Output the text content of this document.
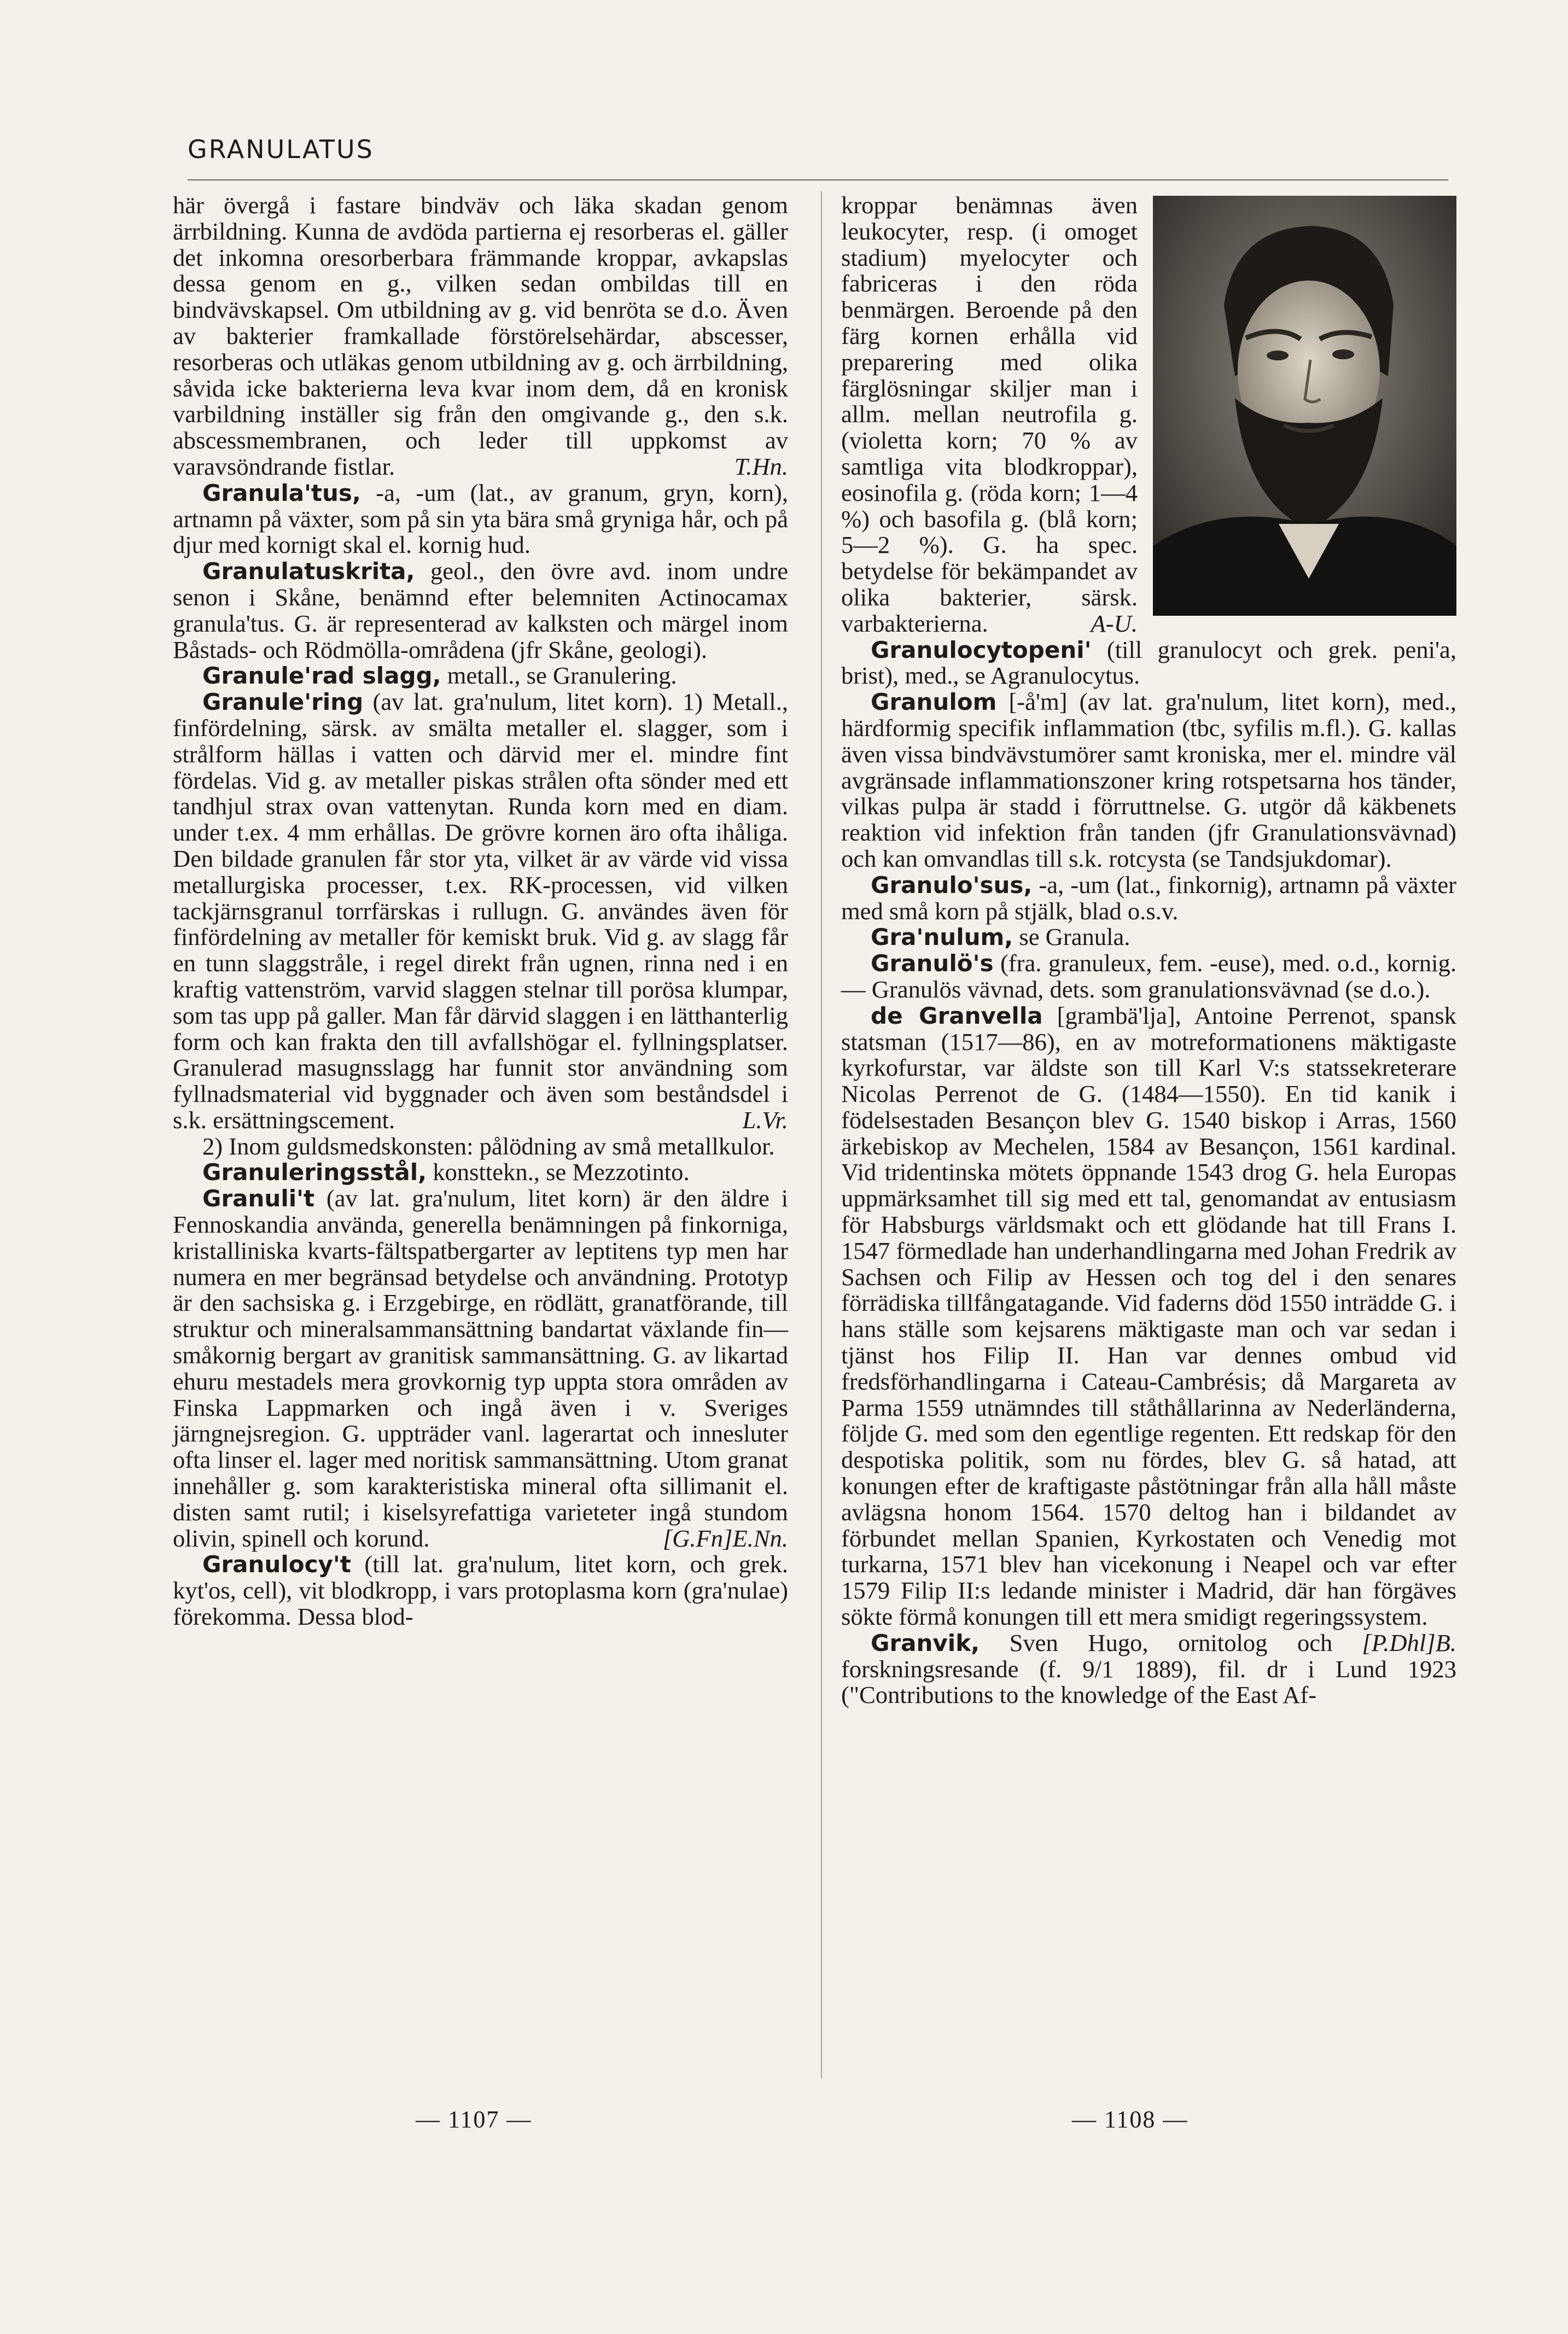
GRANULATUS

här övergå i fastare bindväv och läka skadan genom ärrbildning. Kunna de avdöda partierna ej resorberas el. gäller det inkomna oresorberbara främmande kroppar, avkapslas dessa genom en g., vilken sedan ombildas till en bindvävskapsel. Om utbildning av g. vid benröta se d.o. Även av bakterier framkallade förstörelsehärdar, abscesser, resorberas och utläkas genom utbildning av g. och ärrbildning, såvida icke bakterierna leva kvar inom dem, då en kronisk varbildning inställer sig från den omgivande g., den s.k. abscessmembranen, och leder till uppkomst av varavsöndrande fistlar.	T.Hn.

Granula'tus, -a, -um (lat., av granum, gryn, korn), artnamn på växter, som på sin yta bära små gryniga hår, och på djur med kornigt skal el. kornig hud.

Granulatuskrita, geol., den övre avd. inom undre senon i Skåne, benämnd efter belemniten Actinocamax granula'tus. G. är representerad av kalksten och märgel inom Båstads- och Rödmölla-områdena (jfr Skåne, geologi).

Granule'rad slagg, metall., se Granulering.

Granule'ring (av lat. gra'nulum, litet korn). 1) Metall., finfördelning, särsk. av smälta metaller el. slagger, som i strålform hällas i vatten och därvid mer el. mindre fint fördelas. Vid g. av metaller piskas strålen ofta sönder med ett tandhjul strax ovan vattenytan. Runda korn med en diam. under t.ex. 4 mm erhållas. De grövre kornen äro ofta ihåliga. Den bildade granulen får stor yta, vilket är av värde vid vissa metallurgiska processer, t.ex. RK-processen, vid vilken tackjärnsgranul torrfärskas i rullugn. G. användes även för finfördelning av metaller för kemiskt bruk. Vid g. av slagg får en tunn slaggstråle, i regel direkt från ugnen, rinna ned i en kraftig vattenström, varvid slaggen stelnar till porösa klumpar, som tas upp på galler. Man får därvid slaggen i en lätthanterlig form och kan frakta den till avfallshögar el. fyllningsplatser. Granulerad masugnsslagg har funnit stor användning som fyllnadsmaterial vid byggnader och även som beståndsdel i s.k. ersättningscement.	L.Vr.

2) Inom guldsmedskonsten: pålödning av små metallkulor.

Granuleringsstål, konsttekn., se Mezzotinto.

Granuli't (av lat. gra'nulum, litet korn) är den äldre i Fennoskandia använda, generella benämningen på finkorniga, kristalliniska kvarts-fältspatbergarter av leptitens typ men har numera en mer begränsad betydelse och användning. Prototyp är den sachsiska g. i Erzgebirge, en rödlätt, granatförande, till struktur och mineralsammansättning bandartat växlande fin—småkornig bergart av granitisk sammansättning. G. av likartad ehuru mestadels mera grovkornig typ uppta stora områden av Finska Lappmarken och ingå även i v. Sveriges järngnejsregion. G. uppträder vanl. lagerartat och innesluter ofta linser el. lager med noritisk sammansättning. Utom granat innehåller g. som karakteristiska mineral ofta sillimanit el. disten samt rutil; i kiselsyrefattiga varieteter ingå stundom olivin, spinell och korund.	[G.Fn]E.Nn.

Granulocy't (till lat. gra'nulum, litet korn, och grek. kyt'os, cell), vit blodkropp, i vars protoplasma korn (gra'nulae) förekomma. Dessa blod-

kroppar benämnas även leukocyter, resp. (i omoget stadium) myelocyter och fabriceras i den röda benmärgen. Beroende på den färg kornen erhålla vid preparering med olika färglösningar skiljer man i allm. mellan neutrofila g. (violetta korn; 70 % av samtliga vita blodkroppar), eosinofila g. (röda korn; 1—4 %) och basofila g. (blå korn; 5—2 %). G. ha spec. betydelse för bekämpandet av olika bakterier, särsk. varbakterierna.	A-U.

Granulocytopeni' (till granulocyt och grek. peni'a, brist), med., se Agranulocytus.

Granulom [-å'm] (av lat. gra'nulum, litet korn), med., härdformig specifik inflammation (tbc, syfilis m.fl.). G. kallas även vissa bindvävstumörer samt kroniska, mer el. mindre väl avgränsade inflammationszoner kring rotspetsarna hos tänder, vilkas pulpa är stadd i förruttnelse. G. utgör då käkbenets reaktion vid infektion från tanden (jfr Granulationsvävnad) och kan omvandlas till s.k. rotcysta (se Tandsjukdomar).

Granulo'sus, -a, -um (lat., finkornig), artnamn på växter med små korn på stjälk, blad o.s.v.

Gra'nulum, se Granula.

Granulö's (fra. granuleux, fem. -euse), med. o.d., kornig. — Granulös vävnad, dets. som granulationsvävnad (se d.o.).

de Granvella [grambä'lja], Antoine Perrenot, spansk statsman (1517—86), en av motreformationens mäktigaste kyrkofurstar, var äldste son till Karl V:s statssekreterare Nicolas Perrenot de G. (1484—1550). En tid kanik i födelsestaden Besançon blev G. 1540 biskop i Arras, 1560 ärkebiskop av Mechelen, 1584 av Besançon, 1561 kardinal. Vid tridentinska mötets öppnande 1543 drog G. hela Europas uppmärksamhet till sig med ett tal, genomandat av entusiasm för Habsburgs världsmakt och ett glödande hat till Frans I. 1547 förmedlade han underhandlingarna med Johan Fredrik av Sachsen och Filip av Hessen och tog del i den senares förrädiska tillfångatagande. Vid faderns död 1550 inträdde G. i hans ställe som kejsarens mäktigaste man och var sedan i tjänst hos Filip II. Han var dennes ombud vid fredsförhandlingarna i Cateau-Cambrésis; då Margareta av Parma 1559 utnämndes till ståthållarinna av Nederländerna, följde G. med som den egentlige regenten. Ett redskap för den despotiska politik, som nu fördes, blev G. så hatad, att konungen efter de kraftigaste påstötningar från alla håll måste avlägsna honom 1564. 1570 deltog han i bildandet av förbundet mellan Spanien, Kyrkostaten och Venedig mot turkarna, 1571 blev han vicekonung i Neapel och var efter 1579 Filip II:s ledande minister i Madrid, där han förgäves sökte förmå konungen till ett mera smidigt regeringssystem.
[P.Dhl]B.

Granvik, Sven Hugo, ornitolog och forskningsresande (f. 9/1 1889), fil. dr i Lund 1923 ("Contributions to the knowledge of the East Af-

— 1107 —	— 1108 —
